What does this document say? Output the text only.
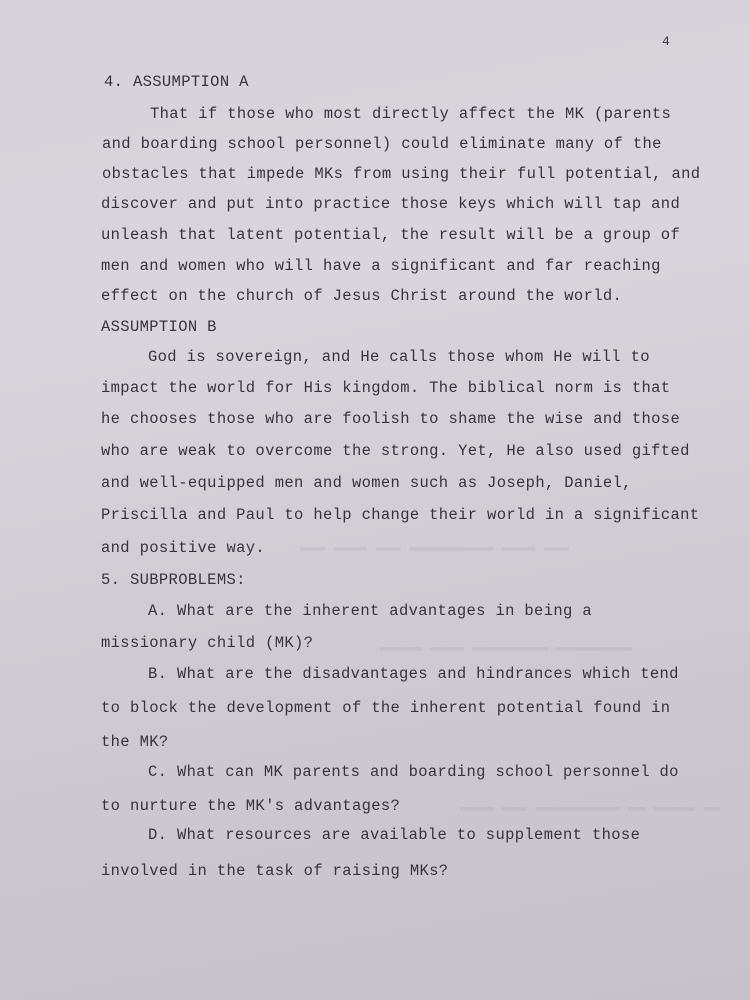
4
▬▬▬ ▬▬▬▬ ▬▬▬ ▬▬▬▬▬▬▬▬▬▬ ▬▬▬▬ ▬▬▬
▬▬▬▬▬ ▬▬▬▬ ▬▬▬▬▬▬▬▬▬ ▬▬▬▬▬▬▬▬▬
▬▬▬▬ ▬▬▬ ▬▬▬▬▬▬▬▬▬▬ ▬▬ ▬▬▬▬▬ ▬▬
4. ASSUMPTION A
That if those who most directly affect the MK (parents
and boarding school personnel) could eliminate many of the
obstacles that impede MKs from using their full potential, and
discover and put into practice those keys which will tap and
unleash that latent potential, the result will be a group of
men and women who will have a significant and far reaching
effect on the church of Jesus Christ around the world.
ASSUMPTION B
God is sovereign, and He calls those whom He will to
impact the world for His kingdom. The biblical norm is that
he chooses those who are foolish to shame the wise and those
who are weak to overcome the strong. Yet, He also used gifted
and well-equipped men and women such as Joseph, Daniel,
Priscilla and Paul to help change their world in a significant
and positive way.
5. SUBPROBLEMS:
A. What are the inherent advantages in being a
missionary child (MK)?
B. What are the disadvantages and hindrances which tend
to block the development of the inherent potential found in
the MK?
C. What can MK parents and boarding school personnel do
to nurture the MK's advantages?
D. What resources are available to supplement those
involved in the task of raising MKs?
